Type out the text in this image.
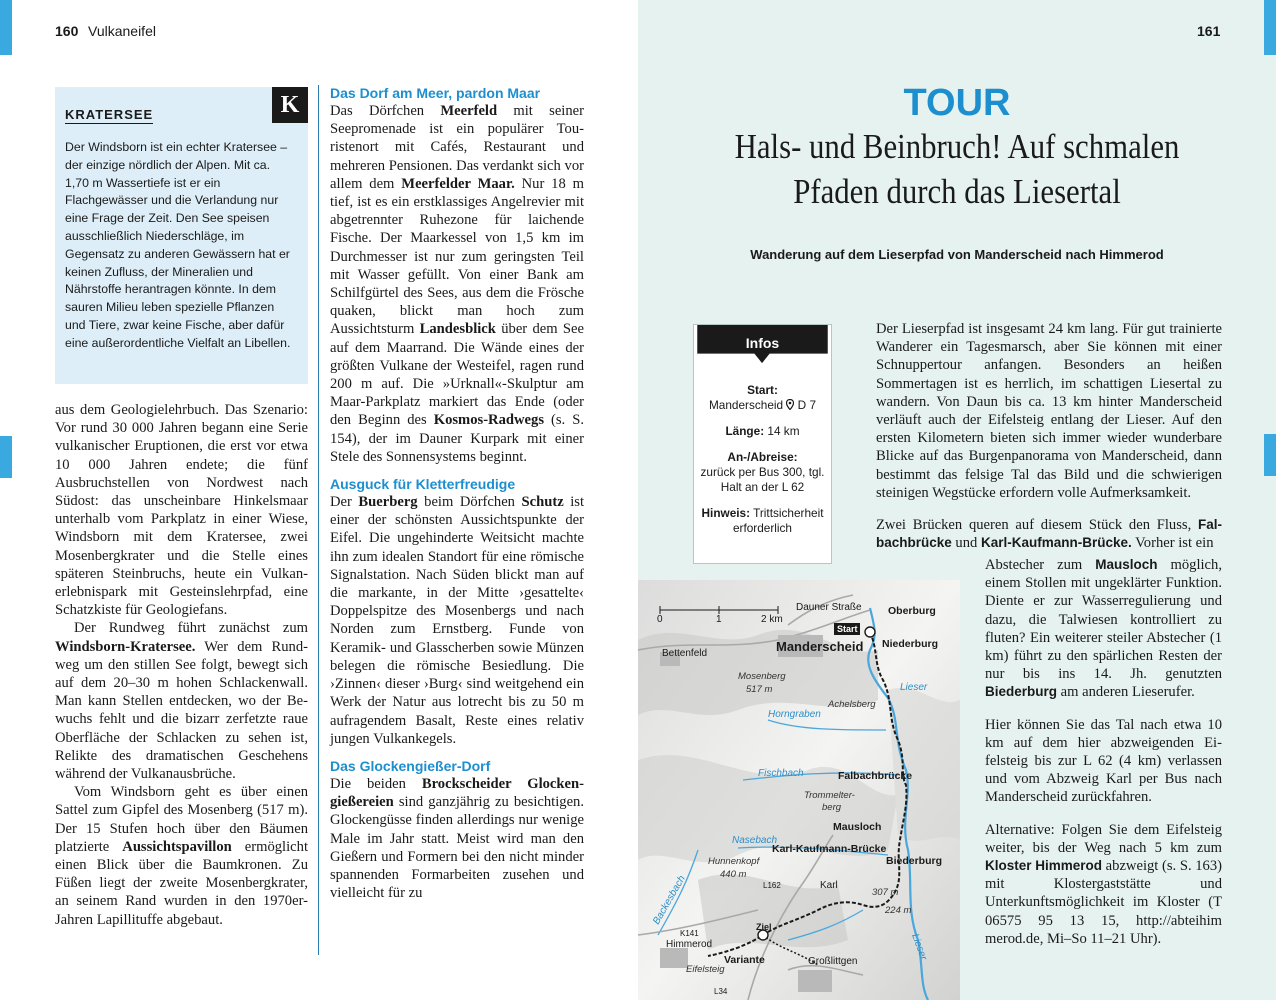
160 Vulkaneifel
K
KRATERSEE
Der Windsborn ist ein echter Kratersee – der einzige nördlich der Alpen. Mit ca. 1,70 m Wassertiefe ist er ein Flachgewässer und die Verlandung nur eine Frage der Zeit. Den See speisen ausschließlich Niederschläge, im Gegensatz zu anderen Gewässern hat er keinen Zufluss, der Mineralien und Nährstoffe herantragen könnte. In dem sauren Milieu leben spezielle Pflanzen und Tiere, zwar keine Fische, aber dafür eine außerordentliche Vielfalt an Libellen.

aus dem Geologielehrbuch. Das Szenario: Vor rund 30 000 Jahren begann eine Serie vulkanischer Eruptionen, die erst vor etwa 10 000 Jahren endete; die fünf Ausbruchstellen von Nordwest nach Südost: das unscheinbare Hinkelsmaar unterhalb vom Parkplatz in einer Wiese, Windsborn mit dem Kratersee, zwei Mosenbergkrater und die Stelle eines späteren Steinbruchs, heute ein Vulkanerlebnispark mit Gesteinslehrpfad, eine Schatzkiste für Geologiefans.

Der Rundweg führt zunächst zum Windsborn-Kratersee. Wer dem Rundweg um den stillen See folgt, bewegt sich auf dem 20–30 m hohen Schlackenwall. Man kann Stellen entdecken, wo der Bewuchs fehlt und die bizarr zerfetzte raue Oberfläche der Schlacken zu sehen ist, Relikte des dramatischen Geschehens während der Vulkanausbrüche.

Vom Windsborn geht es über einen Sattel zum Gipfel des Mosenberg (517 m). Der 15 Stufen hoch über den Bäumen platzierte Aussichtspavillon ermöglicht einen Blick über die Baumkronen. Zu Füßen liegt der zweite Mosenbergkrater, an seinem Rand wurden in den 1970er-Jahren Lapillituffe abgebaut.

Das Dorf am Meer, pardon Maar

Das Dörfchen Meerfeld mit seiner Seepromenade ist ein populärer Touristenort mit Cafés, Restaurant und mehreren Pensionen. Das verdankt sich vor allem dem Meerfelder Maar. Nur 18 m tief, ist es ein erstklassiges Angelrevier mit abgetrennter Ruhezone für laichende Fische. Der Maarkessel von 1,5 km im Durchmesser ist nur zum geringsten Teil mit Wasser gefüllt. Von einer Bank am Schilfgürtel des Sees, aus dem die Frösche quaken, blickt man hoch zum Aussichtsturm Landesblick über dem See auf dem Maarrand. Die Wände eines der größten Vulkane der Westeifel, ragen rund 200 m auf. Die »Urknall«-Skulptur am Maar-Parkplatz markiert das Ende (oder den Beginn des Kosmos-Radwegs (s. S. 154), der im Dauner Kurpark mit einer Stele des Sonnensystems beginnt.

Ausguck für Kletterfreudige

Der Buerberg beim Dörfchen Schutz ist einer der schönsten Aussichtspunkte der Eifel. Die ungehinderte Weitsicht machte ihn zum idealen Standort für eine römische Signalstation. Nach Süden blickt man auf die markante, in der Mitte ›gesattelte‹ Doppelspitze des Mosenbergs und nach Norden zum Ernstberg. Funde von Keramik- und Glasscherben sowie Münzen belegen die römische Besiedlung. Die ›Zinnen‹ dieser ›Burg‹ sind weitgehend ein Werk der Natur aus lotrecht bis zu 50 m aufragendem Basalt, Reste eines relativ jungen Vulkankegels.

Das Glockengießer-Dorf

Die beiden Brockscheider Glockengießereien sind ganzjährig zu besichtigen. Glockengüsse finden allerdings nur wenige Male im Jahr statt. Meist wird man den Gießern und Formern bei den nicht minder spannenden Formarbeiten zusehen und vielleicht für zu

161
TOUR
Hals- und Beinbruch! Auf schmalen
Pfaden durch das Liesertal
Wanderung auf dem Lieserpfad von Manderscheid nach Himmerod
Infos
Start:
Manderscheid D 7
Länge: 14 km
An-/Abreise:
zurück per Bus 300, tgl. Halt an der L 62
Hinweis: Trittsicherheit erforderlich

Der Lieserpfad ist insgesamt 24 km lang. Für gut trainierte Wanderer ein Tagesmarsch, aber Sie können mit einer Schnuppertour anfangen. Besonders an heißen Sommertagen ist es herrlich, im schattigen Liesertal zu wandern. Von Daun bis ca. 13 km hinter Manderscheid verläuft auch der Eifelsteig entlang der Lieser. Auf den ersten Kilometern bieten sich immer wieder wunderbare Blicke auf das Burgenpanorama von Manderscheid, dann bestimmt das felsige Tal das Bild und die schwierigen steinigen Wegstücke erfordern volle Aufmerksamkeit.

Zwei Brücken queren auf diesem Stück den Fluss, Falbachbrücke und Karl-Kaufmann-Brücke. Vorher ist ein

Abstecher zum Mausloch möglich, einem Stollen mit ungeklärter Funktion. Diente er zur Wasserregulierung und dazu, die Talwiesen kontrolliert zu fluten? Ein weiterer steiler Abstecher (1 km) führt zu den spärlichen Resten der nur bis ins 14. Jh. genutzten Biederburg am anderen Lieserufer.

Hier können Sie das Tal nach etwa 10 km auf dem hier abzweigenden Eifelsteig bis zur L 62 (4 km) verlassen und vom Abzweig Karl per Bus nach Manderscheid zurückfahren.

Alternative: Folgen Sie dem Eifelsteig weiter, bis der Weg nach 5 km zum Kloster Himmerod abzweigt (s. S. 163) mit Klostergaststätte und Unterkunftsmöglichkeit im Kloster (T 06575 95 13 15, http://abteihim merod.de, Mi–So 11–21 Uhr).

0	1	2 km
Dauner Straße	Oberburg
Start
Niederburg
Bettenfeld	Manderscheid
Mosenberg
517 m
Achelsberg
Lieser
Horngraben
Fischbach	Falbachbrücke
Trommelter-
berg
Mausloch
Nasebach
Karl-Kaufmann-Brücke
Biederburg
Hunnenkopf
440 m
L162	Karl
307 m
224 m
Backesbach
K141
Ziel
Himmerod
Eifelsteig
Variante	Großlittgen
L34
Lieser
